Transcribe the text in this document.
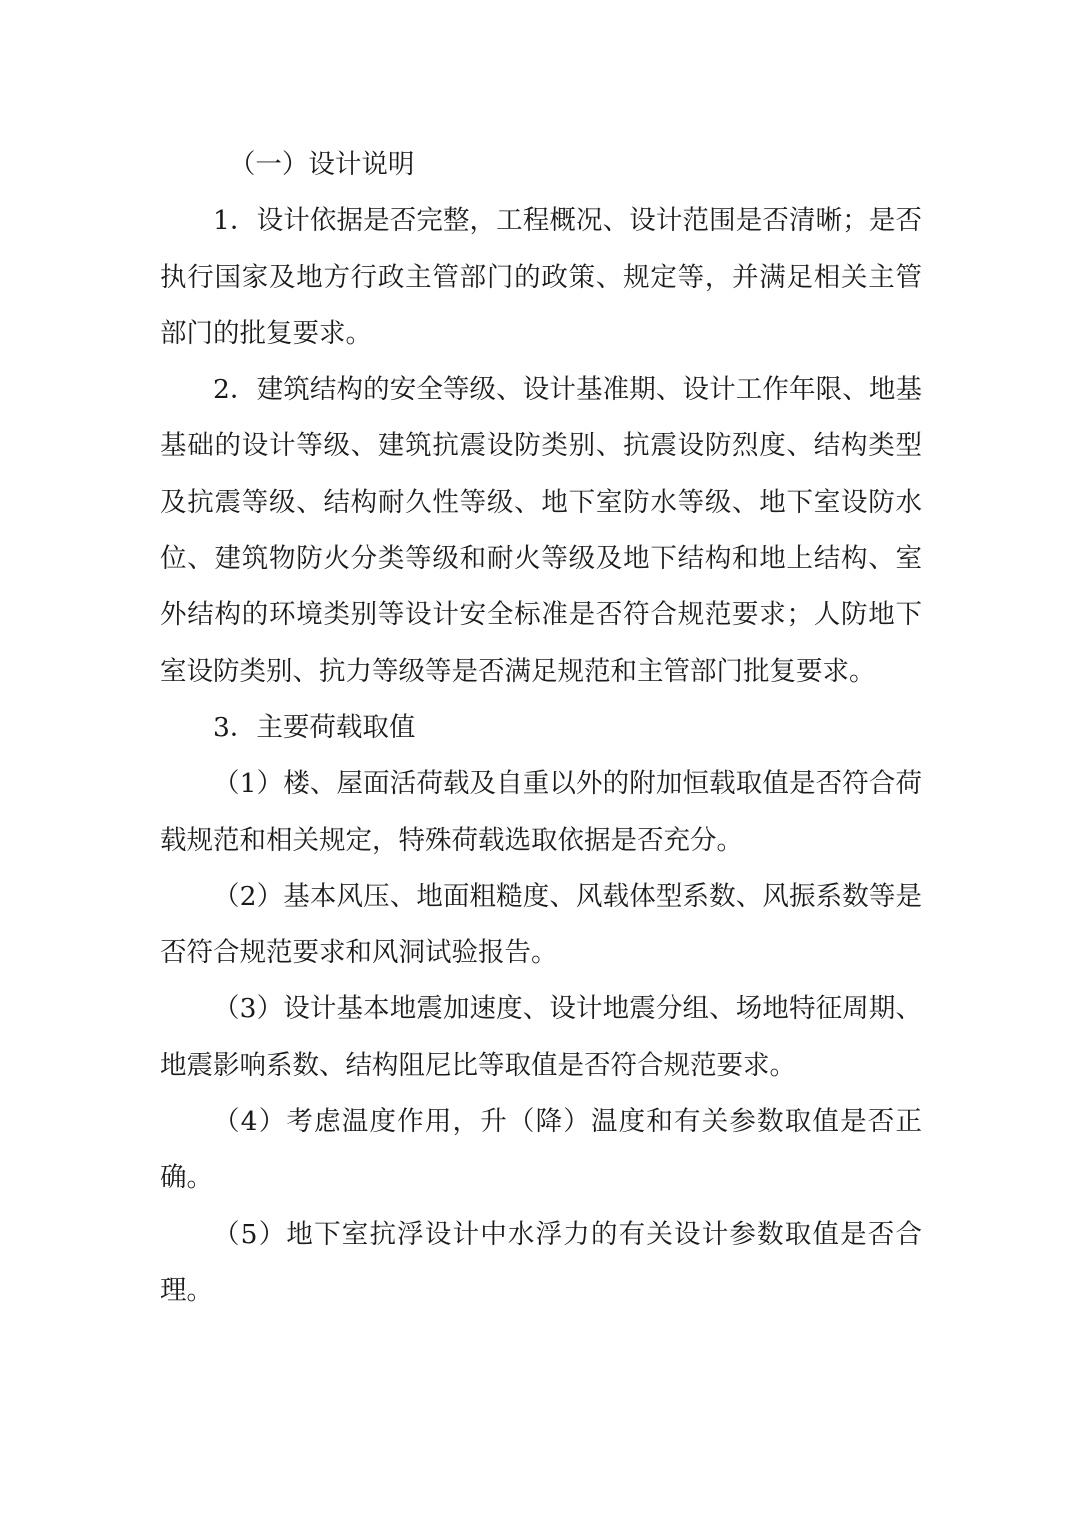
（一）设计说明

1．设计依据是否完整，工程概况、设计范围是否清晰；是否执行国家及地方行政主管部门的政策、规定等，并满足相关主管部门的批复要求。

2．建筑结构的安全等级、设计基准期、设计工作年限、地基基础的设计等级、建筑抗震设防类别、抗震设防烈度、结构类型及抗震等级、结构耐久性等级、地下室防水等级、地下室设防水位、建筑物防火分类等级和耐火等级及地下结构和地上结构、室外结构的环境类别等设计安全标准是否符合规范要求；人防地下室设防类别、抗力等级等是否满足规范和主管部门批复要求。

3．主要荷载取值

（1）楼、屋面活荷载及自重以外的附加恒载取值是否符合荷载规范和相关规定，特殊荷载选取依据是否充分。

（2）基本风压、地面粗糙度、风载体型系数、风振系数等是否符合规范要求和风洞试验报告。

（3）设计基本地震加速度、设计地震分组、场地特征周期、地震影响系数、结构阻尼比等取值是否符合规范要求。

（4）考虑温度作用，升（降）温度和有关参数取值是否正确。

（5）地下室抗浮设计中水浮力的有关设计参数取值是否合理。
